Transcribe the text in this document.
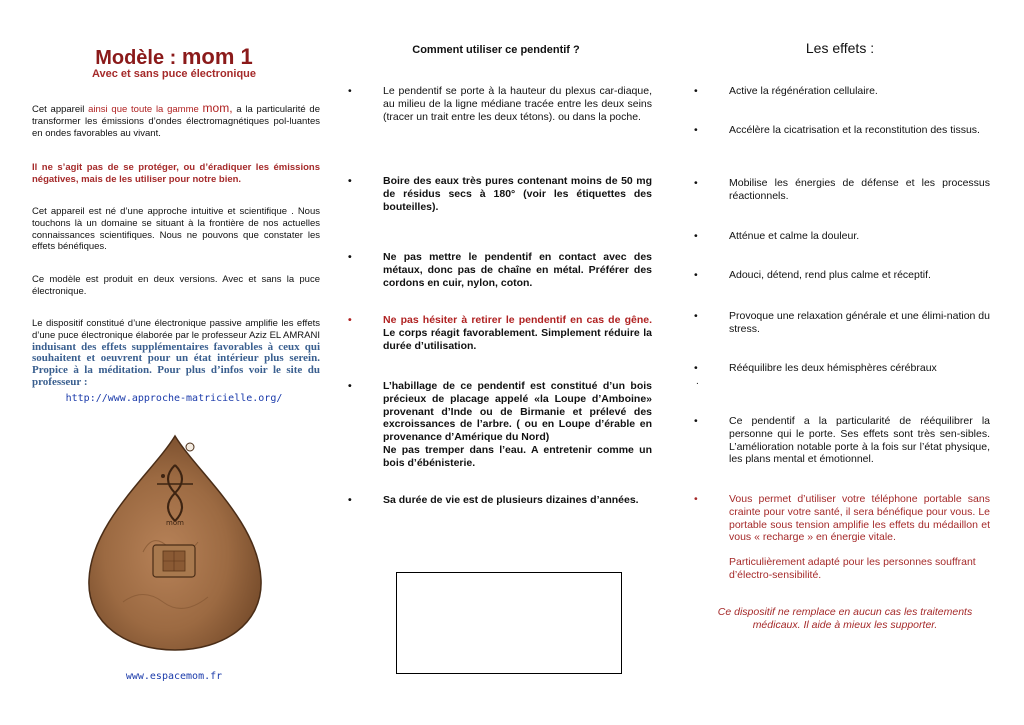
Modèle : mom 1
Avec et sans puce électronique
Cet appareil ainsi que toute la gamme mom, a la particularité de transformer les émissions d’ondes électromagnétiques pol-luantes en ondes favorables au vivant.
Il ne s’agit pas de se protéger, ou d’éradiquer les émissions négatives, mais de les utiliser pour notre bien.
Cet appareil est né d’une approche intuitive et scientifique . Nous touchons là un domaine se situant à la frontière de nos actuelles connaissances scientifiques. Nous ne pouvons que constater les effets bénéfiques.
Ce modèle est produit en deux versions. Avec et sans la puce électronique.
Le dispositif constitué d’une électronique passive amplifie les effets d’une puce électronique élaborée par le professeur Aziz EL AMRANI induisant des effets supplémentaires favorables à ceux qui souhaitent et oeuvrent pour un état intérieur plus serein. Propice à la méditation. Pour plus d’infos voir le site du professeur :
http://www.approche-matricielle.org/
mom
www.espacemom.fr
Comment utiliser ce pendentif ?
•	Le pendentif se porte à la hauteur du plexus car-diaque, au milieu de la ligne médiane tracée entre les deux seins (tracer un trait entre les deux tétons). ou dans la poche.
•	Boire des eaux très pures contenant moins de 50 mg de résidus secs à 180° (voir les étiquettes des bouteilles).
•	Ne pas mettre le pendentif en contact avec des métaux, donc pas de chaîne en métal. Préférer des cordons en cuir, nylon, coton.
•	Ne pas hésiter à retirer le pendentif en cas de gêne. Le corps réagit favorablement. Simplement réduire la durée d’utilisation.
•	L’habillage de ce pendentif est constitué d’un bois précieux de placage appelé «la Loupe d’Amboine» provenant d’Inde ou de Birmanie et prélevé des excroissances de l’arbre. ( ou en Loupe d’érable en provenance d’Amérique du Nord)
Ne pas tremper dans l’eau. A entretenir comme un bois d’ébénisterie.
•	Sa durée de vie est de plusieurs dizaines d’années.
Les effets :
•	Active la régénération cellulaire.
•	Accélère la cicatrisation et la reconstitution des tissus.
•	Mobilise les énergies de défense et les processus réactionnels.
•	Atténue et calme la douleur.
•	Adouci, détend, rend plus calme et réceptif.
•	Provoque une relaxation générale et une élimi-nation du stress.
•	Rééquilibre les deux hémisphères cérébraux
.
•	Ce pendentif a la particularité de rééquilibrer la personne qui le porte. Ses effets sont très sen-sibles. L’amélioration notable porte à la fois sur l’état physique, les plans mental et émotionnel.
•	Vous permet d’utiliser votre téléphone portable sans crainte pour votre santé, il sera bénéfique pour vous. Le portable sous tension amplifie les effets du médaillon et vous « recharge » en énergie vitale.
Particulièrement adapté pour les personnes souffrant d’électro-sensibilité.
Ce dispositif ne remplace en aucun cas les traitements médicaux. Il aide à mieux les supporter.
